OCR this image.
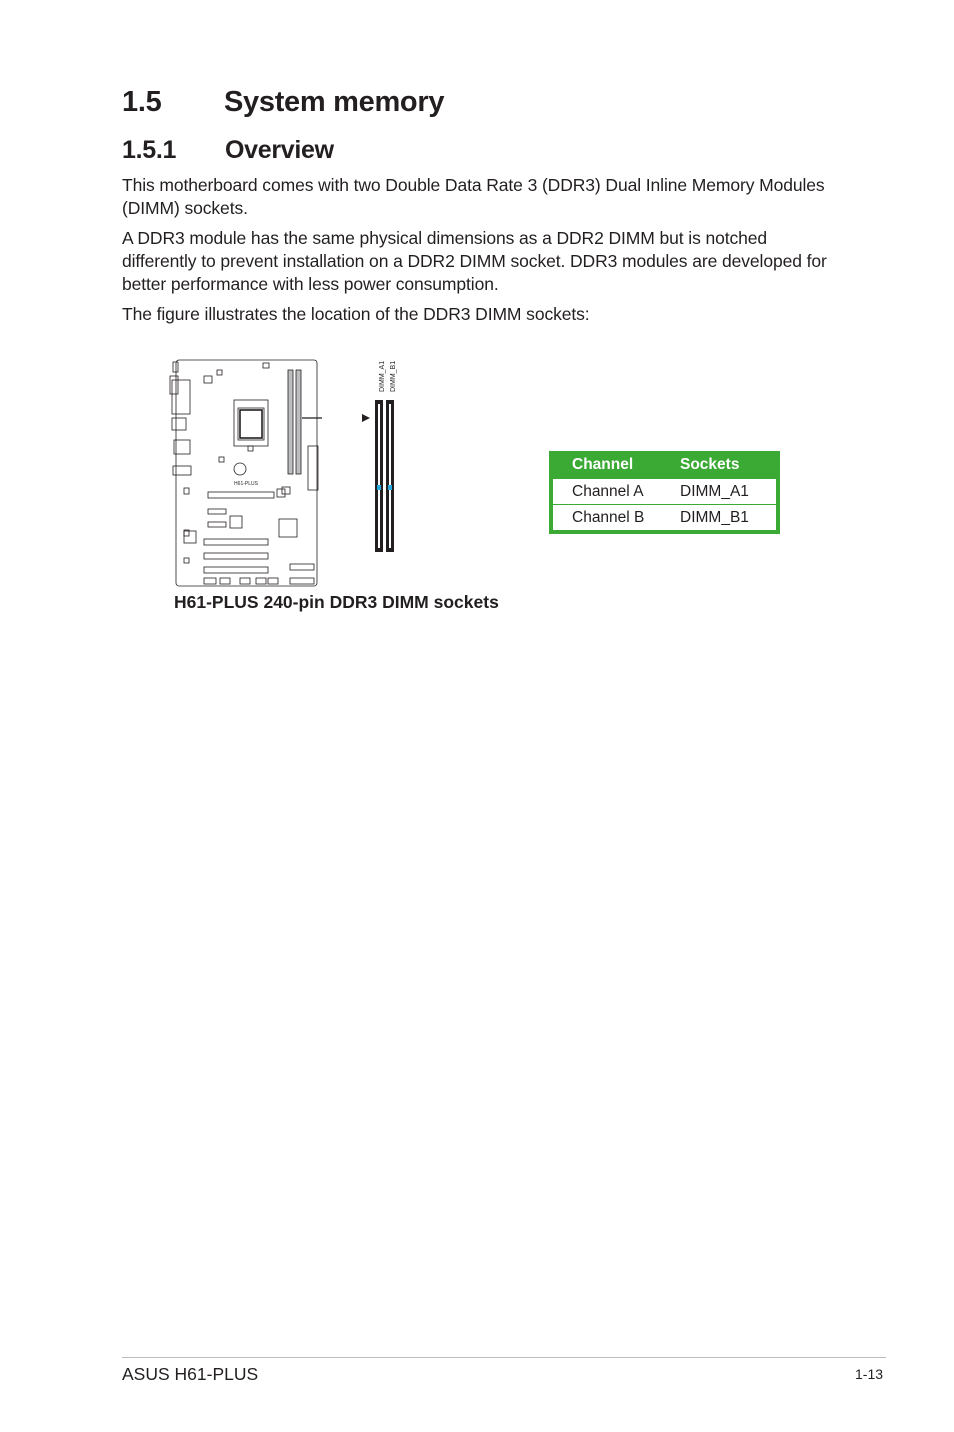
1.5 System memory
1.5.1 Overview

This motherboard comes with two Double Data Rate 3 (DDR3) Dual Inline Memory Modules (DIMM) sockets.

A DDR3 module has the same physical dimensions as a DDR2 DIMM but is notched differently to prevent installation on a DDR2 DIMM socket. DDR3 modules are developed for better performance with less power consumption.

The figure illustrates the location of the DDR3 DIMM sockets:

H61-PLUS
DIMM_A1 DIMM_B1

H61-PLUS 240-pin DDR3 DIMM sockets

Channel	Sockets
Channel A	DIMM_A1
Channel B	DIMM_B1
ASUS H61-PLUS	1-13
